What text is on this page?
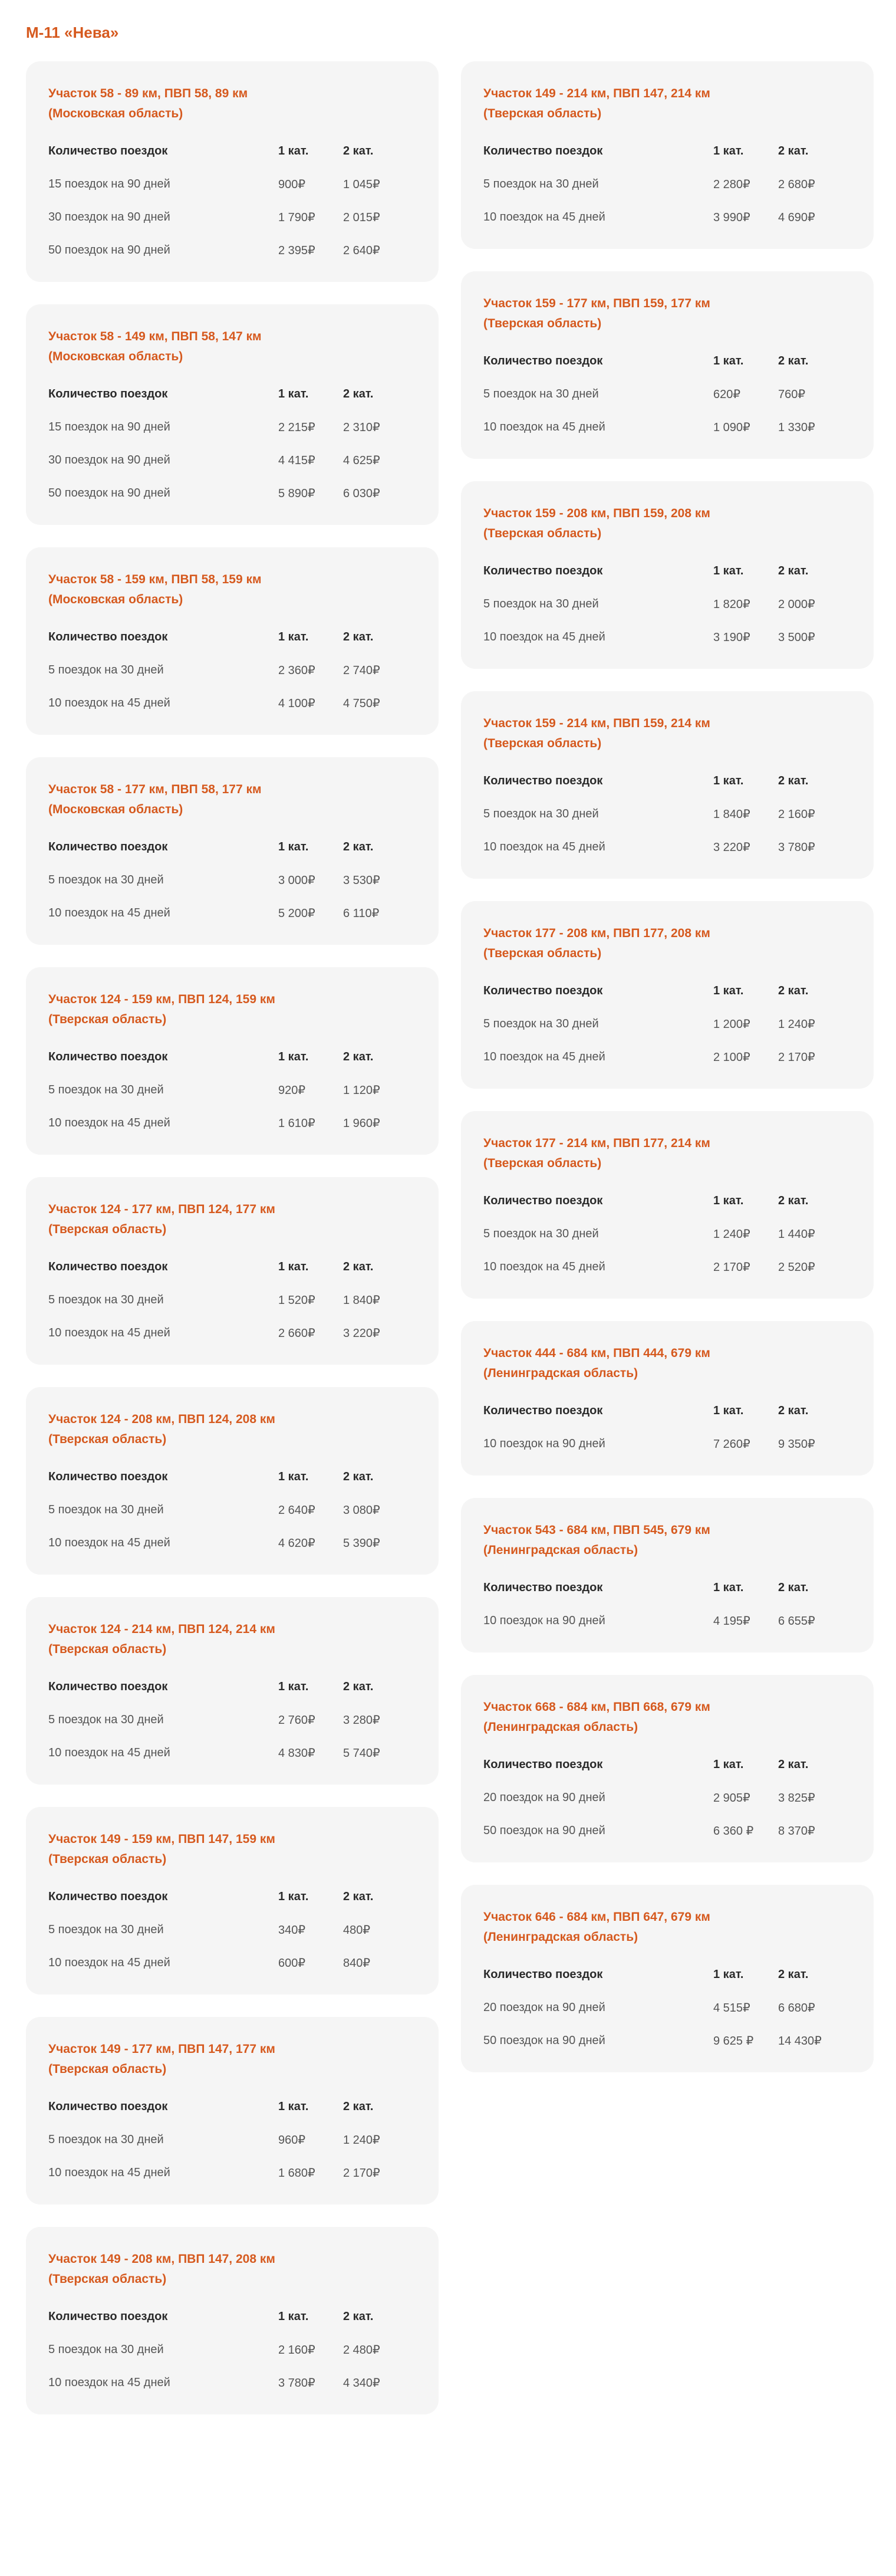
М-11 «Нева»
Участок 58 - 89 км, ПВП 58, 89 км
(Московская область)
Количество поездок	1 кат.	2 кат.
15 поездок на 90 дней	900₽	1 045₽
30 поездок на 90 дней	1 790₽	2 015₽
50 поездок на 90 дней	2 395₽	2 640₽
Участок 58 - 149 км, ПВП 58, 147 км
(Московская область)
Количество поездок	1 кат.	2 кат.
15 поездок на 90 дней	2 215₽	2 310₽
30 поездок на 90 дней	4 415₽	4 625₽
50 поездок на 90 дней	5 890₽	6 030₽
Участок 58 - 159 км, ПВП 58, 159 км
(Московская область)
Количество поездок	1 кат.	2 кат.
5 поездок на 30 дней	2 360₽	2 740₽
10 поездок на 45 дней	4 100₽	4 750₽
Участок 58 - 177 км, ПВП 58, 177 км
(Московская область)
Количество поездок	1 кат.	2 кат.
5 поездок на 30 дней	3 000₽	3 530₽
10 поездок на 45 дней	5 200₽	6 110₽
Участок 124 - 159 км, ПВП 124, 159 км
(Тверская область)
Количество поездок	1 кат.	2 кат.
5 поездок на 30 дней	920₽	1 120₽
10 поездок на 45 дней	1 610₽	1 960₽
Участок 124 - 177 км, ПВП 124, 177 км
(Тверская область)
Количество поездок	1 кат.	2 кат.
5 поездок на 30 дней	1 520₽	1 840₽
10 поездок на 45 дней	2 660₽	3 220₽
Участок 124 - 208 км, ПВП 124, 208 км
(Тверская область)
Количество поездок	1 кат.	2 кат.
5 поездок на 30 дней	2 640₽	3 080₽
10 поездок на 45 дней	4 620₽	5 390₽
Участок 124 - 214 км, ПВП 124, 214 км
(Тверская область)
Количество поездок	1 кат.	2 кат.
5 поездок на 30 дней	2 760₽	3 280₽
10 поездок на 45 дней	4 830₽	5 740₽
Участок 149 - 159 км, ПВП 147, 159 км
(Тверская область)
Количество поездок	1 кат.	2 кат.
5 поездок на 30 дней	340₽	480₽
10 поездок на 45 дней	600₽	840₽
Участок 149 - 177 км, ПВП 147, 177 км
(Тверская область)
Количество поездок	1 кат.	2 кат.
5 поездок на 30 дней	960₽	1 240₽
10 поездок на 45 дней	1 680₽	2 170₽
Участок 149 - 208 км, ПВП 147, 208 км
(Тверская область)
Количество поездок	1 кат.	2 кат.
5 поездок на 30 дней	2 160₽	2 480₽
10 поездок на 45 дней	3 780₽	4 340₽
Участок 149 - 214 км, ПВП 147, 214 км
(Тверская область)
Количество поездок	1 кат.	2 кат.
5 поездок на 30 дней	2 280₽	2 680₽
10 поездок на 45 дней	3 990₽	4 690₽
Участок 159 - 177 км, ПВП 159, 177 км
(Тверская область)
Количество поездок	1 кат.	2 кат.
5 поездок на 30 дней	620₽	760₽
10 поездок на 45 дней	1 090₽	1 330₽
Участок 159 - 208 км, ПВП 159, 208 км
(Тверская область)
Количество поездок	1 кат.	2 кат.
5 поездок на 30 дней	1 820₽	2 000₽
10 поездок на 45 дней	3 190₽	3 500₽
Участок 159 - 214 км, ПВП 159, 214 км
(Тверская область)
Количество поездок	1 кат.	2 кат.
5 поездок на 30 дней	1 840₽	2 160₽
10 поездок на 45 дней	3 220₽	3 780₽
Участок 177 - 208 км, ПВП 177, 208 км
(Тверская область)
Количество поездок	1 кат.	2 кат.
5 поездок на 30 дней	1 200₽	1 240₽
10 поездок на 45 дней	2 100₽	2 170₽
Участок 177 - 214 км, ПВП 177, 214 км
(Тверская область)
Количество поездок	1 кат.	2 кат.
5 поездок на 30 дней	1 240₽	1 440₽
10 поездок на 45 дней	2 170₽	2 520₽
Участок 444 - 684 км, ПВП 444, 679 км
(Ленинградская область)
Количество поездок	1 кат.	2 кат.
10 поездок на 90 дней	7 260₽	9 350₽
Участок 543 - 684 км, ПВП 545, 679 км
(Ленинградская область)
Количество поездок	1 кат.	2 кат.
10 поездок на 90 дней	4 195₽	6 655₽
Участок 668 - 684 км, ПВП 668, 679 км
(Ленинградская область)
Количество поездок	1 кат.	2 кат.
20 поездок на 90 дней	2 905₽	3 825₽
50 поездок на 90 дней	6 360 ₽	8 370₽
Участок 646 - 684 км, ПВП 647, 679 км
(Ленинградская область)
Количество поездок	1 кат.	2 кат.
20 поездок на 90 дней	4 515₽	6 680₽
50 поездок на 90 дней	9 625 ₽	14 430₽
